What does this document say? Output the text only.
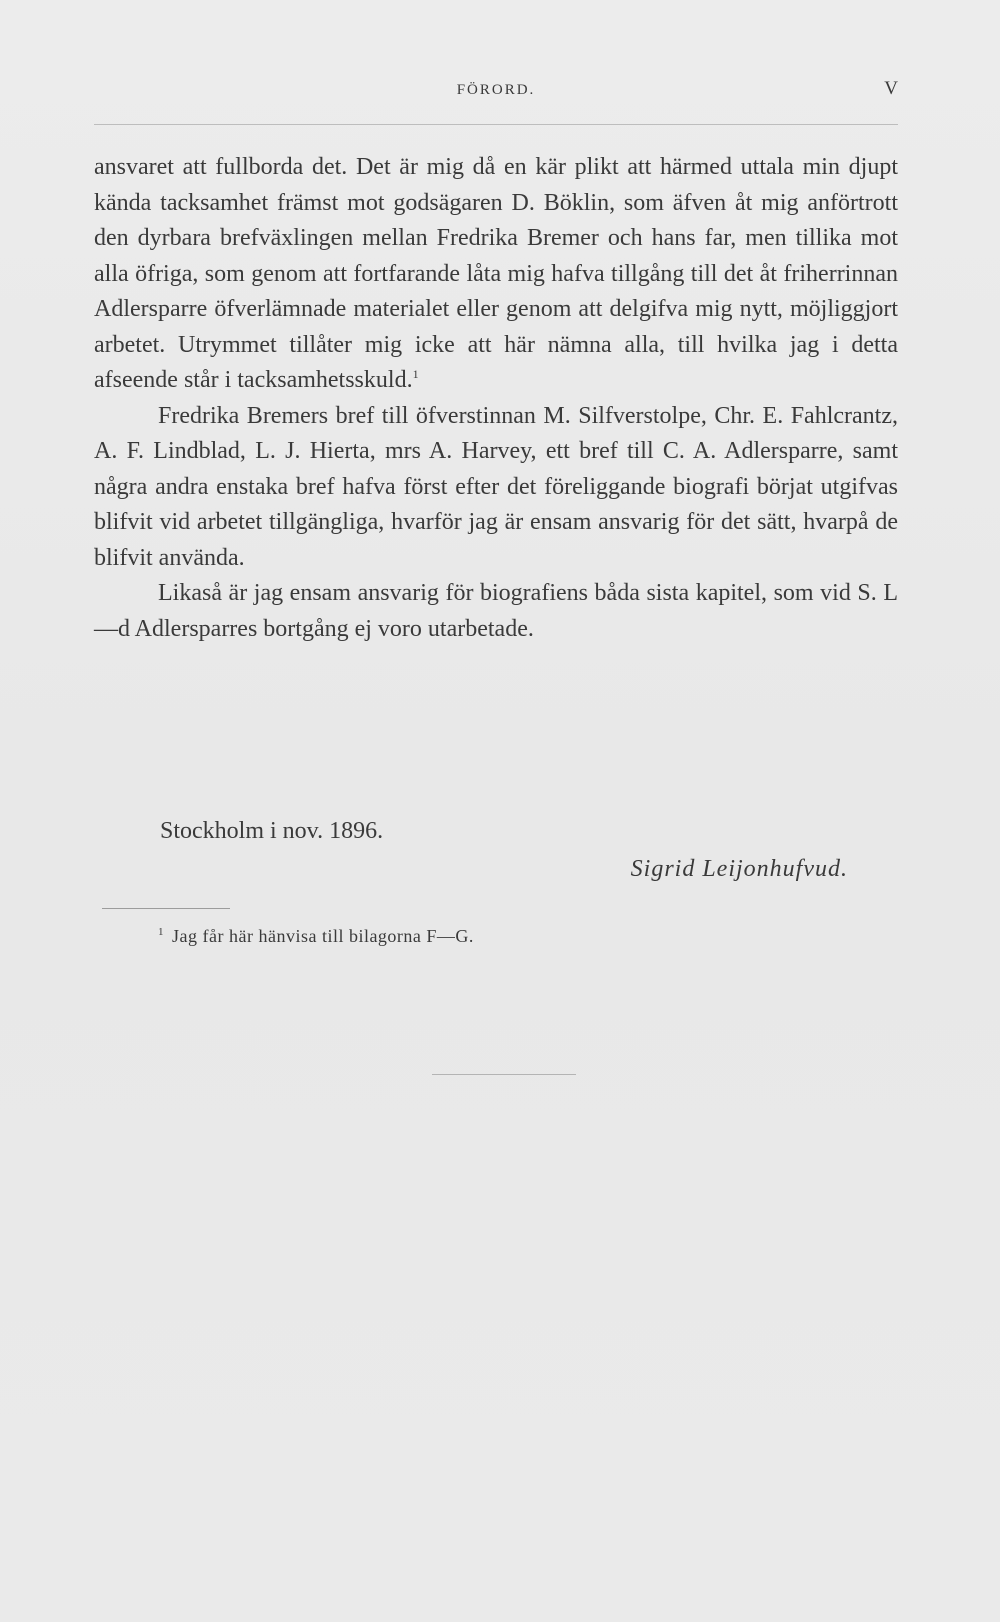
FÖRORD.	V

ansvaret att fullborda det. Det är mig då en kär plikt att härmed uttala min djupt kända tacksamhet främst mot godsägaren D. Böklin, som äfven åt mig anförtrott den dyrbara brefväxlingen mellan Fredrika Bremer och hans far, men tillika mot alla öfriga, som genom att fortfarande låta mig hafva tillgång till det åt friherrinnan Adlersparre öfverlämnade materialet eller genom att delgifva mig nytt, möjliggjort arbetet. Utrymmet tillåter mig icke att här nämna alla, till hvilka jag i detta afseende står i tacksamhetsskuld.$^1$

Fredrika Bremers bref till öfverstinnan M. Silfverstolpe, Chr. E. Fahlcrantz, A. F. Lindblad, L. J. Hierta, mrs A. Harvey, ett bref till C. A. Adlersparre, samt några andra enstaka bref hafva först efter det föreliggande biografi börjat utgifvas blifvit vid arbetet tillgängliga, hvarför jag är ensam ansvarig för det sätt, hvarpå de blifvit använda.

Likaså är jag ensam ansvarig för biografiens båda sista kapitel, som vid S. L—d Adlersparres bortgång ej voro utarbetade.

Stockholm i nov. 1896.
Sigrid Leijonhufvud.
$^1$ Jag får här hänvisa till bilagorna F—G.
